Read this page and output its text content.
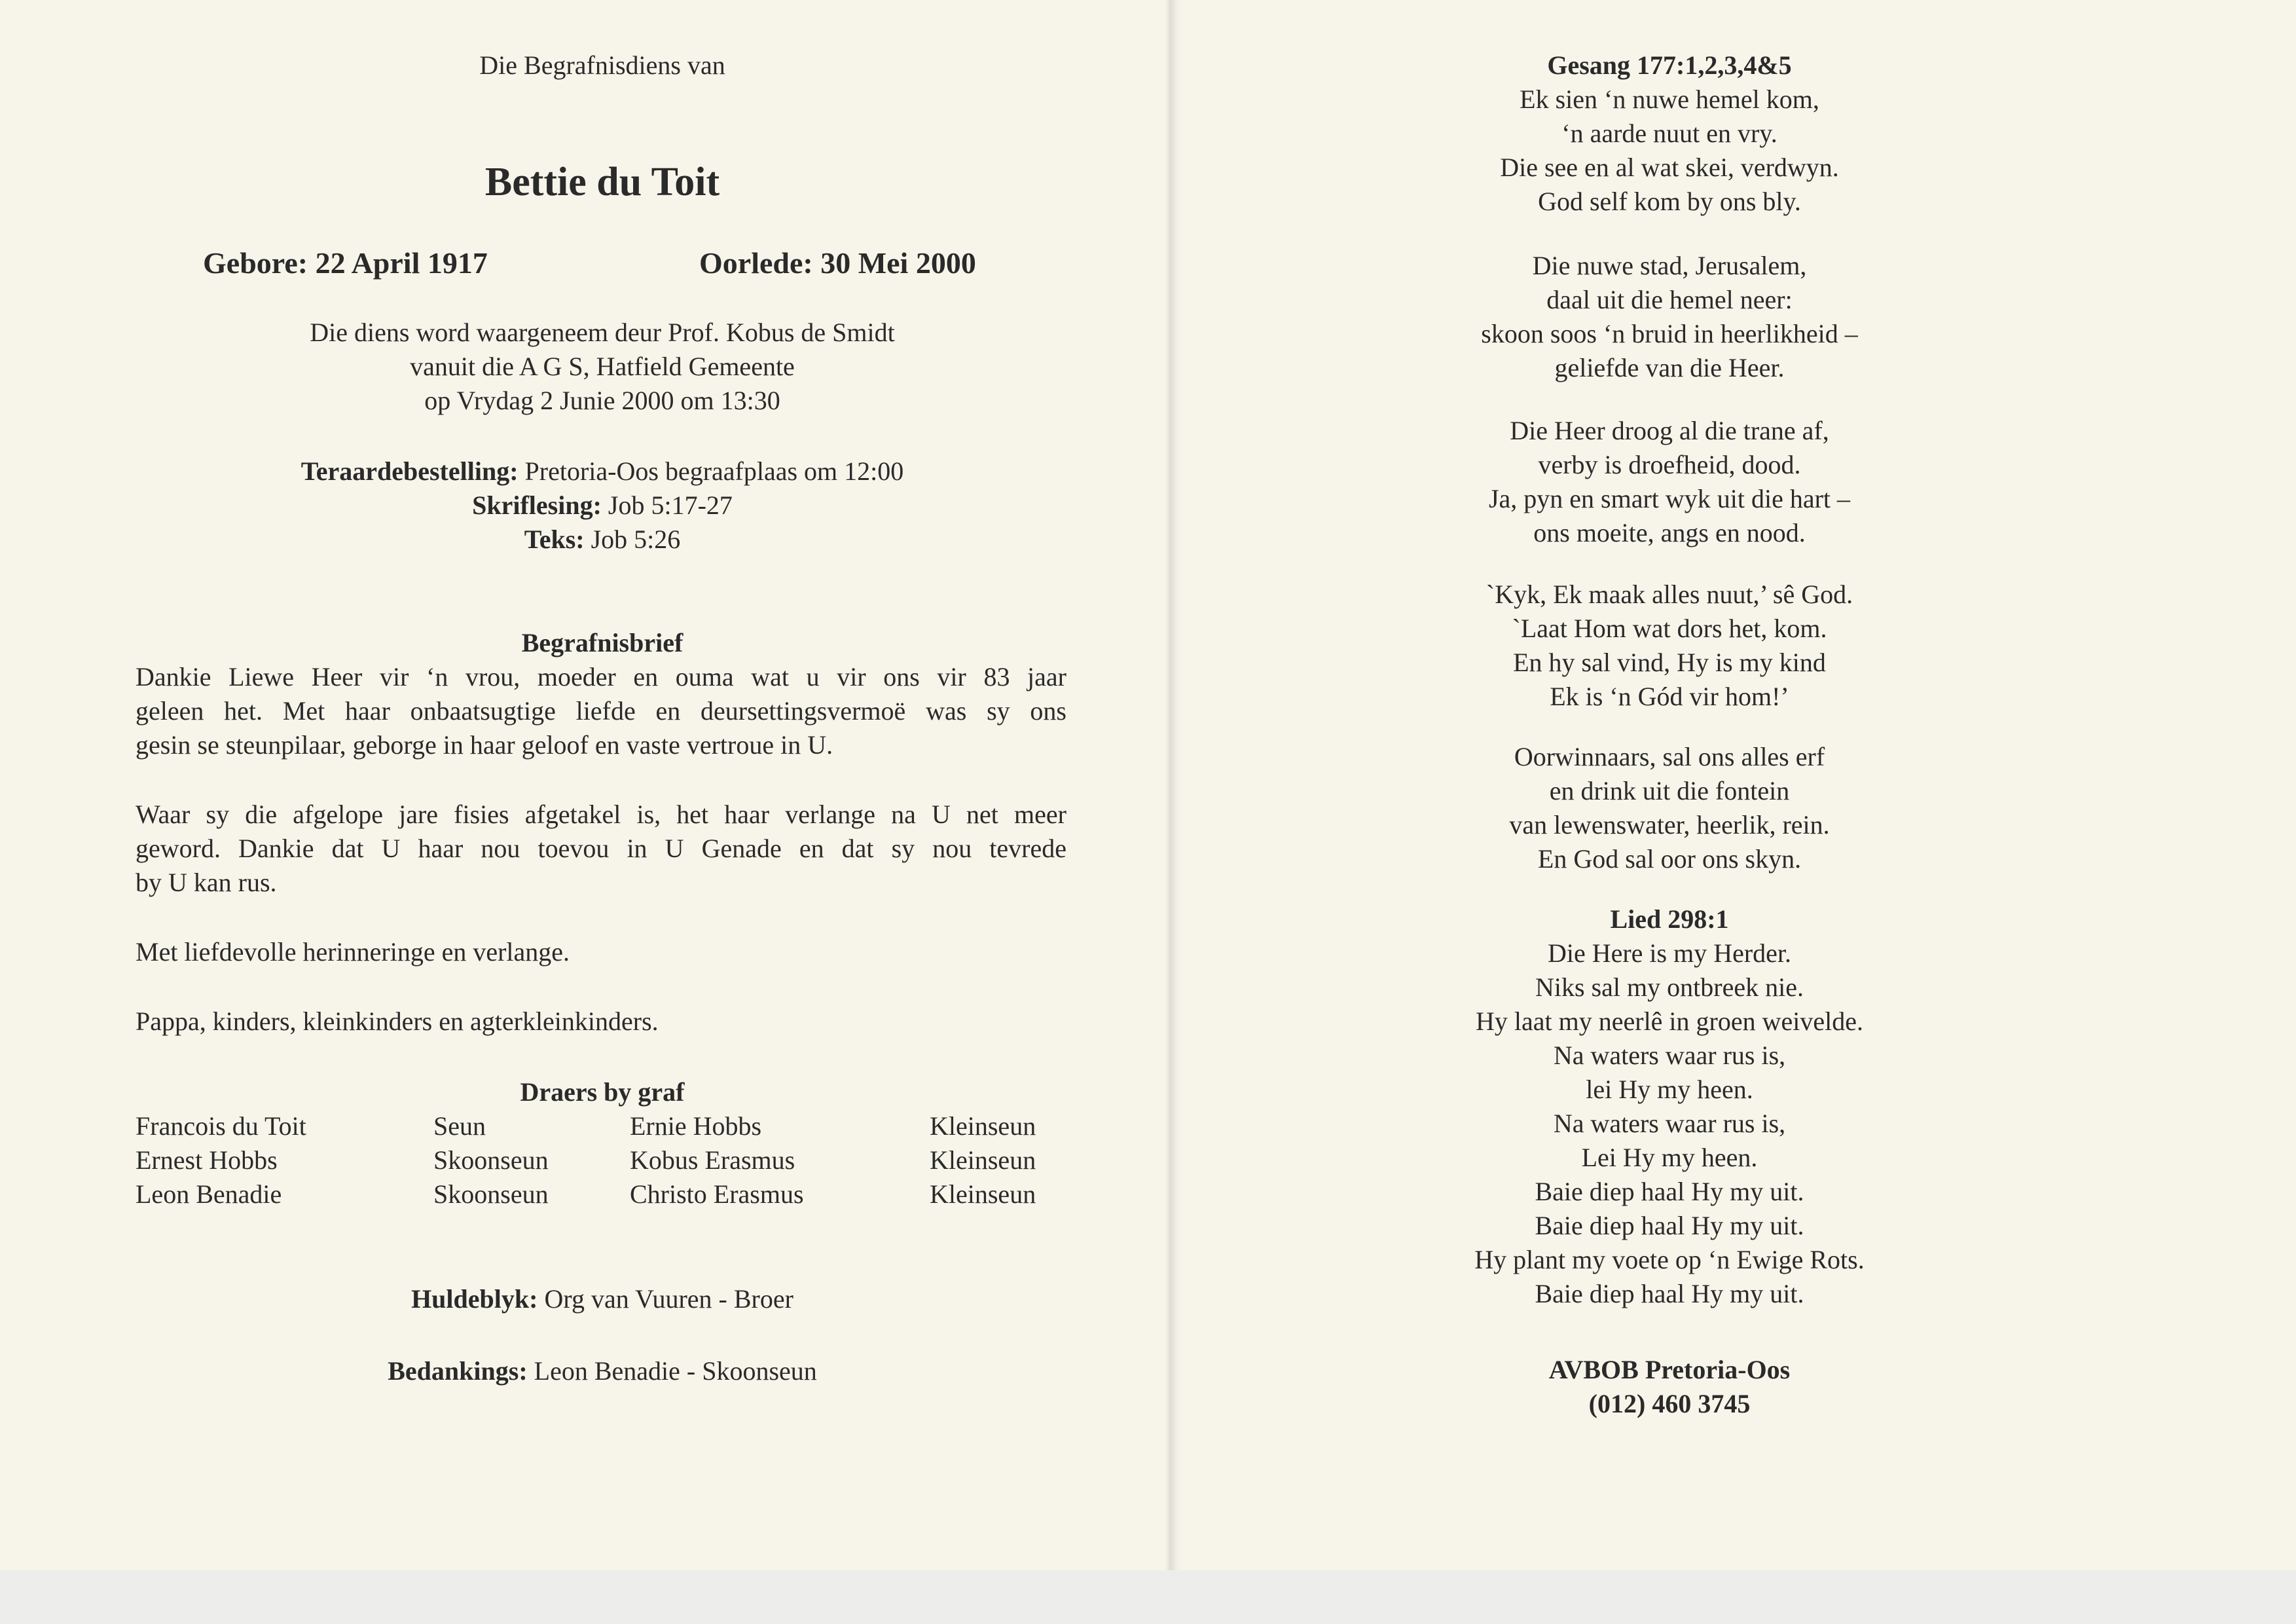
Die Begrafnisdiens van
Bettie du Toit
Gebore: 22 April 1917	Oorlede: 30 Mei 2000
Die diens word waargeneem deur Prof. Kobus de Smidt
vanuit die A G S, Hatfield Gemeente
op Vrydag 2 Junie 2000 om 13:30
Teraardebestelling: Pretoria-Oos begraafplaas om 12:00
Skriflesing: Job 5:17-27
Teks: Job 5:26
Begrafnisbrief
Dankie Liewe Heer vir ‘n vrou, moeder en ouma wat u vir ons vir 83 jaar
geleen het. Met haar onbaatsugtige liefde en deursettingsvermoë was sy ons
gesin se steunpilaar, geborge in haar geloof en vaste vertroue in U.
Waar sy die afgelope jare fisies afgetakel is, het haar verlange na U net meer
geword. Dankie dat U haar nou toevou in U Genade en dat sy nou tevrede
by U kan rus.
Met liefdevolle herinneringe en verlange.
Pappa, kinders, kleinkinders en agterkleinkinders.
Draers by graf
Francois du Toit	Seun	Ernie Hobbs	Kleinseun
Ernest Hobbs	Skoonseun	Kobus Erasmus	Kleinseun
Leon Benadie	Skoonseun	Christo Erasmus	Kleinseun
Huldeblyk: Org van Vuuren - Broer
Bedankings: Leon Benadie - Skoonseun
Gesang 177:1,2,3,4&5
Ek sien ‘n nuwe hemel kom,
‘n aarde nuut en vry.
Die see en al wat skei, verdwyn.
God self kom by ons bly.
Die nuwe stad, Jerusalem,
daal uit die hemel neer:
skoon soos ‘n bruid in heerlikheid –
geliefde van die Heer.
Die Heer droog al die trane af,
verby is droefheid, dood.
Ja, pyn en smart wyk uit die hart –
ons moeite, angs en nood.
`Kyk, Ek maak alles nuut,’ sê God.
`Laat Hom wat dors het, kom.
En hy sal vind, Hy is my kind
Ek is ‘n Gód vir hom!’
Oorwinnaars, sal ons alles erf
en drink uit die fontein
van lewenswater, heerlik, rein.
En God sal oor ons skyn.
Lied 298:1
Die Here is my Herder.
Niks sal my ontbreek nie.
Hy laat my neerlê in groen weivelde.
Na waters waar rus is,
lei Hy my heen.
Na waters waar rus is,
Lei Hy my heen.
Baie diep haal Hy my uit.
Baie diep haal Hy my uit.
Hy plant my voete op ‘n Ewige Rots.
Baie diep haal Hy my uit.
AVBOB Pretoria-Oos
(012) 460 3745
